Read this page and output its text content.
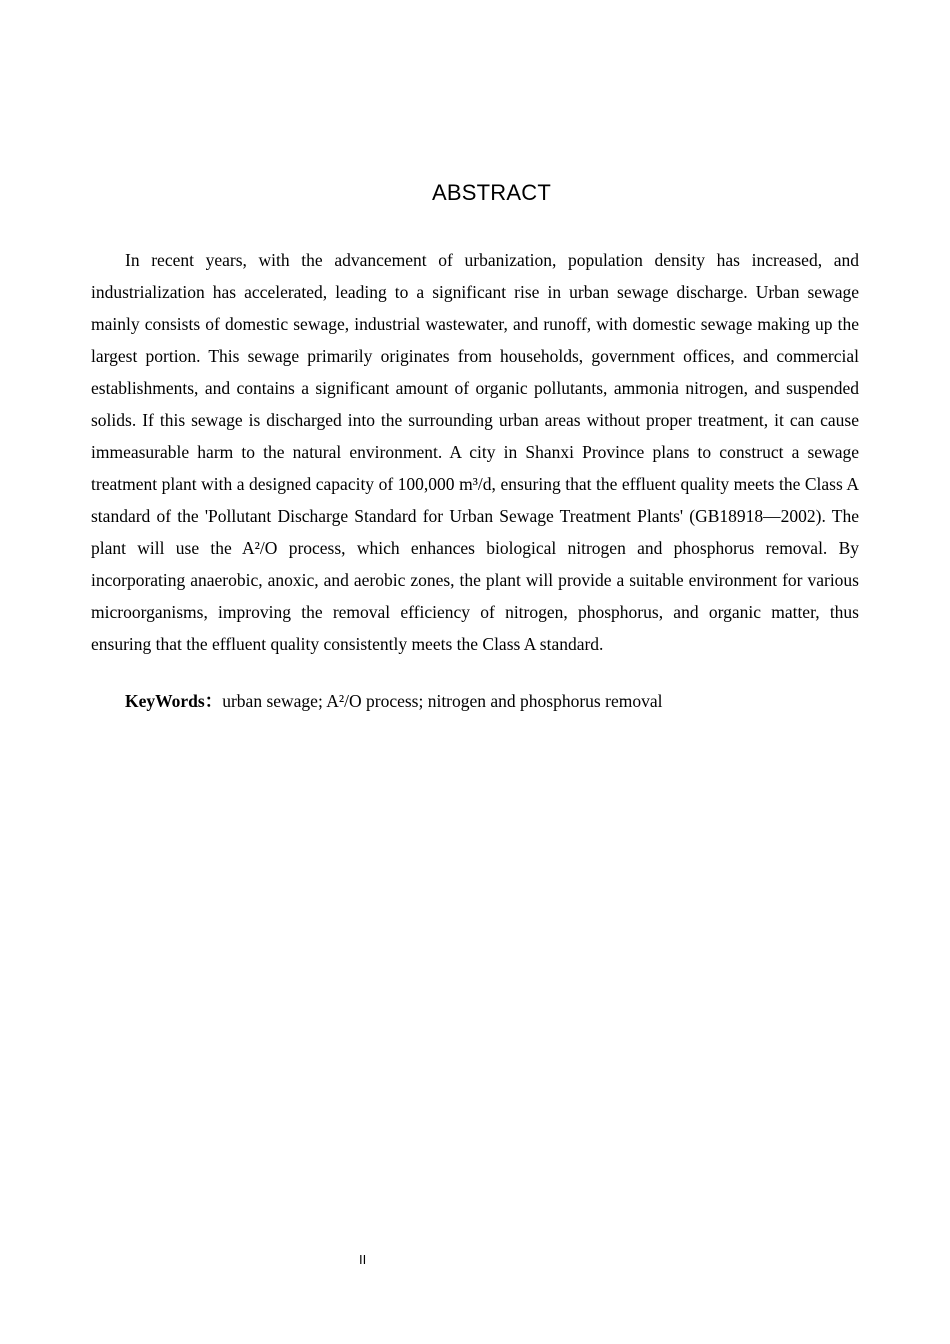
ABSTRACT

In recent years, with the advancement of urbanization, population density has increased, and industrialization has accelerated, leading to a significant rise in urban sewage discharge. Urban sewage mainly consists of domestic sewage, industrial wastewater, and runoff, with domestic sewage making up the largest portion. This sewage primarily originates from households, government offices, and commercial establishments, and contains a significant amount of organic pollutants, ammonia nitrogen, and suspended solids. If this sewage is discharged into the surrounding urban areas without proper treatment, it can cause immeasurable harm to the natural environment. A city in Shanxi Province plans to construct a sewage treatment plant with a designed capacity of 100,000 m³/d, ensuring that the effluent quality meets the Class A standard of the 'Pollutant Discharge Standard for Urban Sewage Treatment Plants' (GB18918—2002). The plant will use the A²/O process, which enhances biological nitrogen and phosphorus removal. By incorporating anaerobic, anoxic, and aerobic zones, the plant will provide a suitable environment for various microorganisms, improving the removal efficiency of nitrogen, phosphorus, and organic matter, thus ensuring that the effluent quality consistently meets the Class A standard.

KeyWords：urban sewage; A²/O process; nitrogen and phosphorus removal

II
